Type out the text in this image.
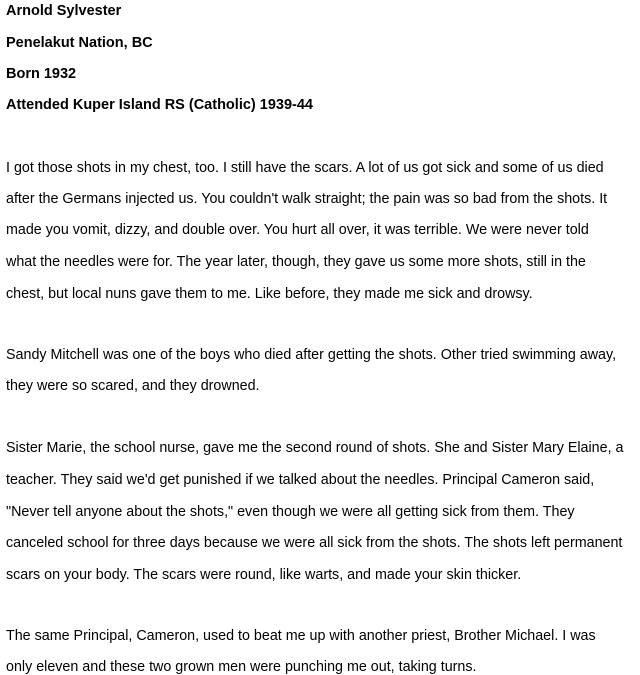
Arnold Sylvester
Penelakut Nation, BC
Born 1932
Attended Kuper Island RS (Catholic) 1939-44
I got those shots in my chest, too. I still have the scars. A lot of us got sick and some of us died
after the Germans injected us. You couldn't walk straight; the pain was so bad from the shots. It
made you vomit, dizzy, and double over. You hurt all over, it was terrible. We were never told
what the needles were for. The year later, though, they gave us some more shots, still in the
chest, but local nuns gave them to me. Like before, they made me sick and drowsy.
Sandy Mitchell was one of the boys who died after getting the shots. Other tried swimming away,
they were so scared, and they drowned.
Sister Marie, the school nurse, gave me the second round of shots. She and Sister Mary Elaine, a
teacher. They said we'd get punished if we talked about the needles. Principal Cameron said,
"Never tell anyone about the shots," even though we were all getting sick from them. They
canceled school for three days because we were all sick from the shots. The shots left permanent
scars on your body. The scars were round, like warts, and made your skin thicker.
The same Principal, Cameron, used to beat me up with another priest, Brother Michael. I was
only eleven and these two grown men were punching me out, taking turns.
